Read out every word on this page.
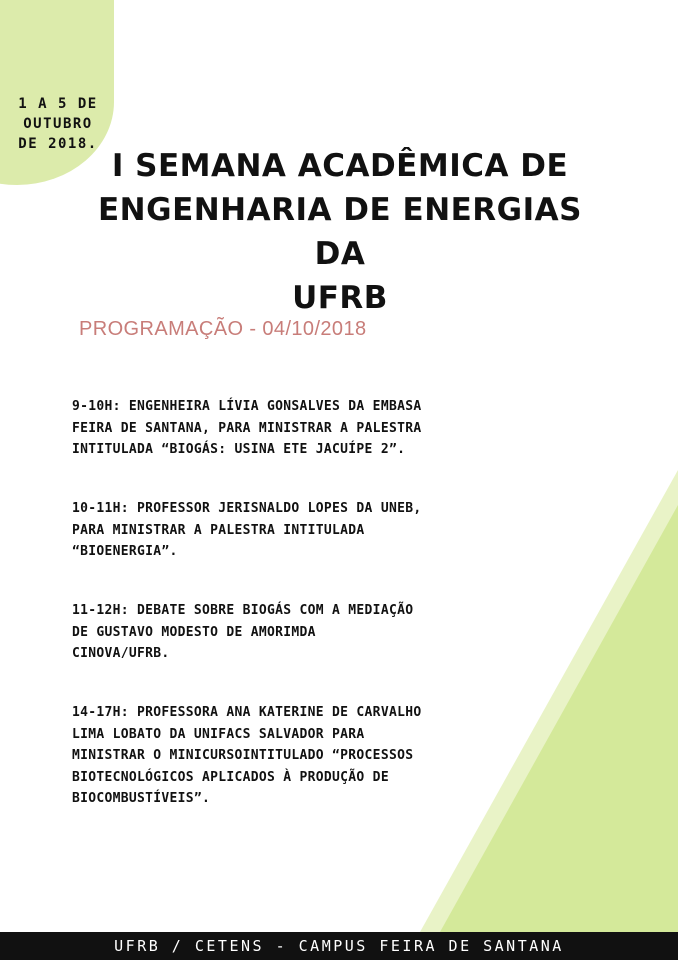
1 A 5 DE
OUTUBRO
DE 2018.
I SEMANA ACADÊMICA DE
ENGENHARIA DE ENERGIAS DA
UFRB
PROGRAMAÇÃO - 04/10/2018
9-10H: ENGENHEIRA LÍVIA GONSALVES DA EMBASA
FEIRA DE SANTANA, PARA MINISTRAR A PALESTRA
INTITULADA “BIOGÁS: USINA ETE JACUÍPE 2”.
10-11H: PROFESSOR JERISNALDO LOPES DA UNEB,
PARA MINISTRAR A PALESTRA INTITULADA
“BIOENERGIA”.
11-12H: DEBATE SOBRE BIOGÁS COM A MEDIAÇÃO
DE GUSTAVO MODESTO DE AMORIMDA
CINOVA/UFRB.
14-17H: PROFESSORA ANA KATERINE DE CARVALHO
LIMA LOBATO DA UNIFACS SALVADOR PARA
MINISTRAR O MINICURSOINTITULADO “PROCESSOS
BIOTECNOLÓGICOS APLICADOS À PRODUÇÃO DE
BIOCOMBUSTÍVEIS”.
UFRB / CETENS - CAMPUS FEIRA DE SANTANA
